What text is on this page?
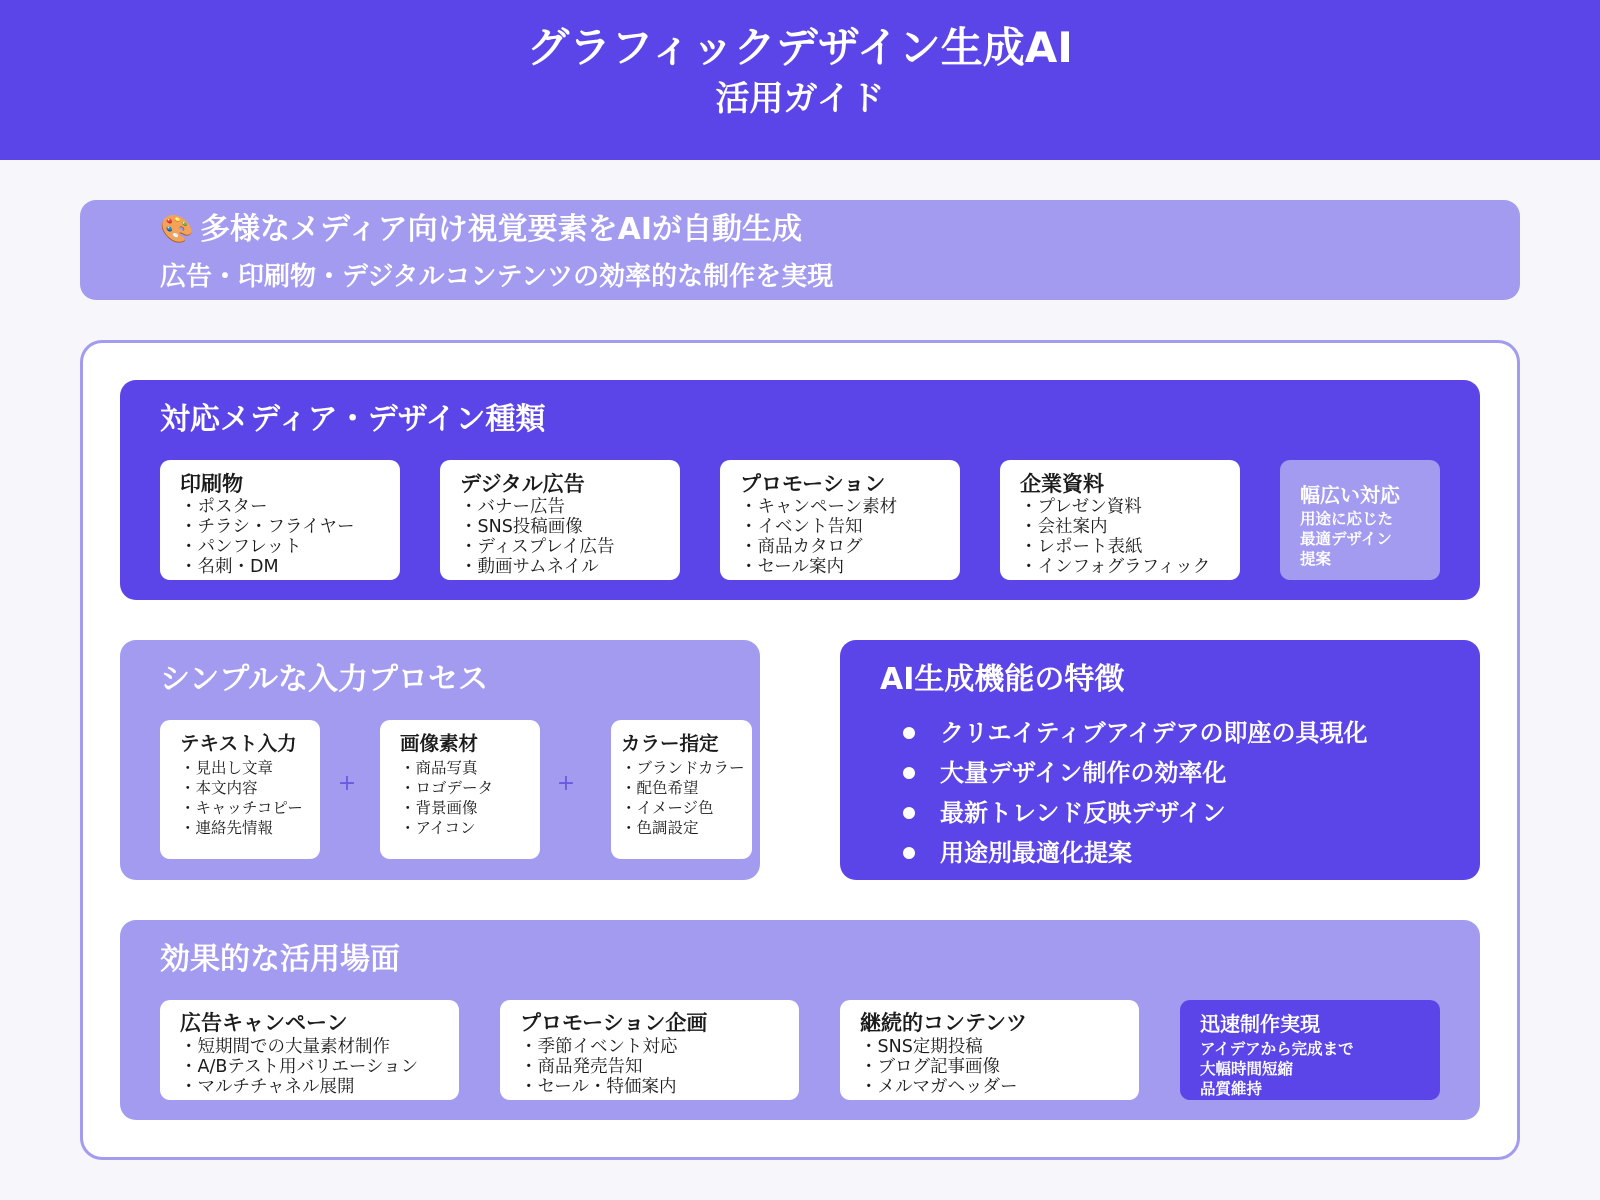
グラフィックデザイン生成AI
活用ガイド
🎨 多様なメディア向け視覚要素をAIが自動生成
広告・印刷物・デジタルコンテンツの効率的な制作を実現
対応メディア・デザイン種類
印刷物
・ポスター
・チラシ・フライヤー
・パンフレット
・名刺・DM
デジタル広告
・バナー広告
・SNS投稿画像
・ディスプレイ広告
・動画サムネイル
プロモーション
・キャンペーン素材
・イベント告知
・商品カタログ
・セール案内
企業資料
・プレゼン資料
・会社案内
・レポート表紙
・インフォグラフィック
幅広い対応
用途に応じた
最適デザイン
提案
シンプルな入力プロセス
テキスト入力
・見出し文章
・本文内容
・キャッチコピー
・連絡先情報
+
画像素材
・商品写真
・ロゴデータ
・背景画像
・アイコン
+
カラー指定
・ブランドカラー
・配色希望
・イメージ色
・色調設定
AI生成機能の特徴
クリエイティブアイデアの即座の具現化
大量デザイン制作の効率化
最新トレンド反映デザイン
用途別最適化提案
効果的な活用場面
広告キャンペーン
・短期間での大量素材制作
・A/Bテスト用バリエーション
・マルチチャネル展開
プロモーション企画
・季節イベント対応
・商品発売告知
・セール・特価案内
継続的コンテンツ
・SNS定期投稿
・ブログ記事画像
・メルマガヘッダー
迅速制作実現
アイデアから完成まで
大幅時間短縮
品質維持
